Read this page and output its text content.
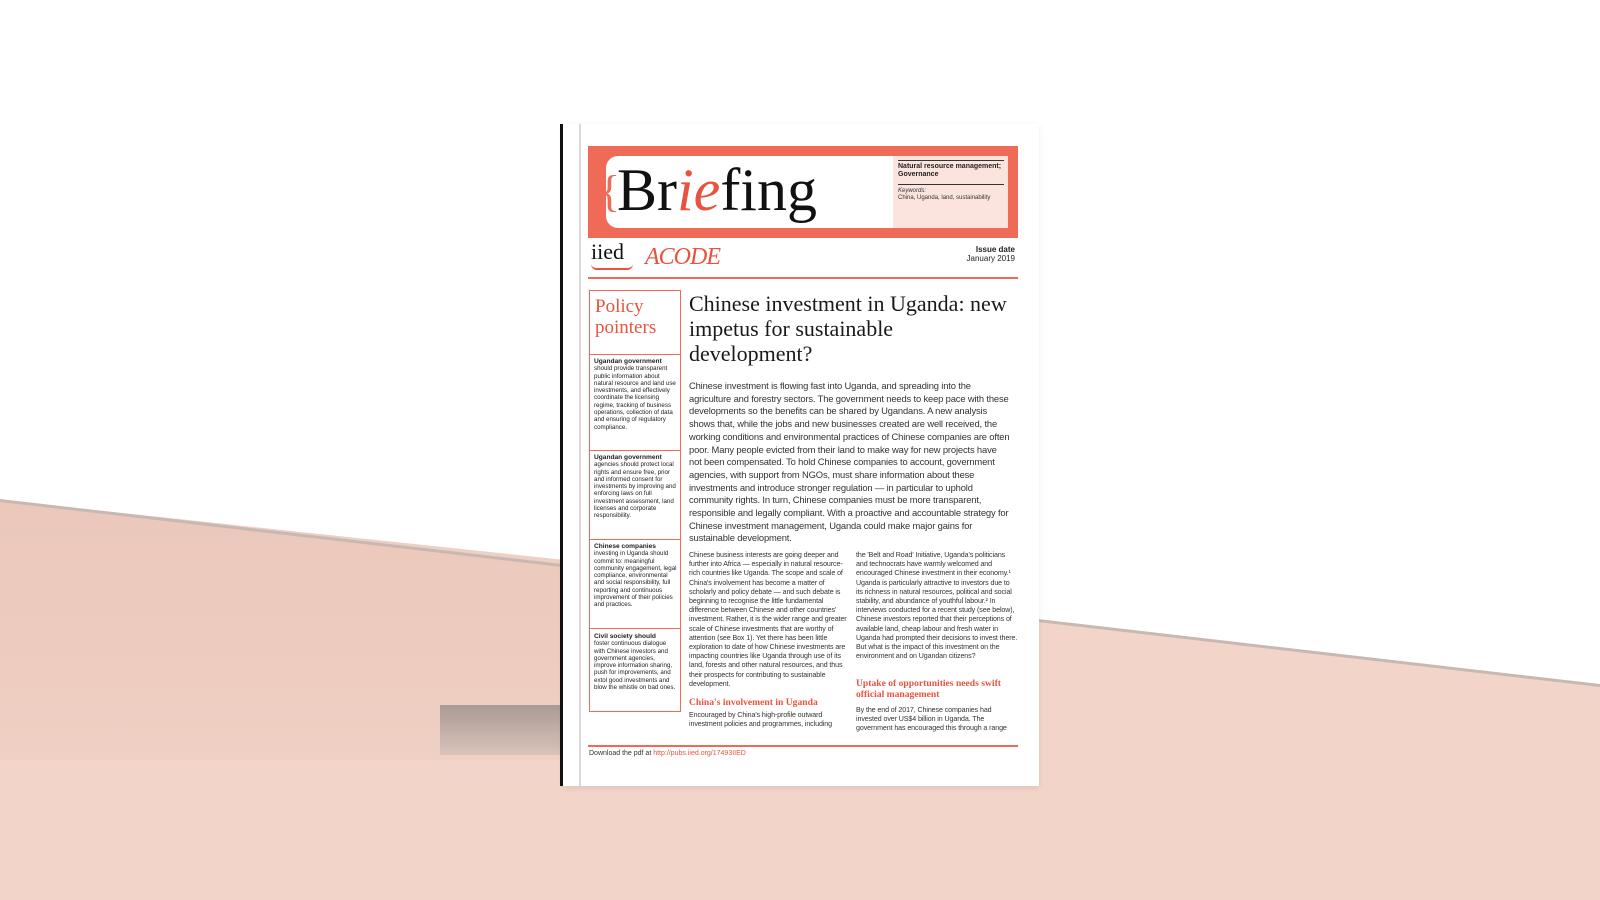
{
Briefing	Natural resource management; Governance
Keywords:
China, Uganda, land, sustainability
iied ACODE	Issue date
January 2019
Policy pointers
Ugandan government
should provide transparent public information about natural resource and land use investments, and effectively coordinate the licensing regime, tracking of business operations, collection of data and ensuring of regulatory compliance.
Ugandan government
agencies should protect local rights and ensure free, prior and informed consent for investments by improving and enforcing laws on full investment assessment, land licenses and corporate responsibility.
Chinese companies
investing in Uganda should commit to: meaningful community engagement, legal compliance, environmental and social responsibility, full reporting and continuous improvement of their policies and practices.
Civil society should
foster continuous dialogue with Chinese investors and government agencies, improve information sharing, push for improvements, and extol good investments and blow the whistle on bad ones.
Chinese investment in Uganda: new impetus for sustainable development?
Chinese investment is flowing fast into Uganda, and spreading into the agriculture and forestry sectors. The government needs to keep pace with these developments so the benefits can be shared by Ugandans. A new analysis shows that, while the jobs and new businesses created are well received, the working conditions and environmental practices of Chinese companies are often poor. Many people evicted from their land to make way for new projects have not been compensated. To hold Chinese companies to account, government agencies, with support from NGOs, must share information about these investments and introduce stronger regulation — in particular to uphold community rights. In turn, Chinese companies must be more transparent, responsible and legally compliant. With a proactive and accountable strategy for Chinese investment management, Uganda could make major gains for sustainable development.
Chinese business interests are going deeper and further into Africa — especially in natural resource-rich countries like Uganda. The scope and scale of China's involvement has become a matter of scholarly and policy debate — and such debate is beginning to recognise the little fundamental difference between Chinese and other countries' investment. Rather, it is the wider range and greater scale of Chinese investments that are worthy of attention (see Box 1). Yet there has been little exploration to date of how Chinese investments are impacting countries like Uganda through use of its land, forests and other natural resources, and thus their prospects for contributing to sustainable development.
China's involvement in Uganda
Encouraged by China's high-profile outward investment policies and programmes, including
the 'Belt and Road' Initiative, Uganda's politicians and technocrats have warmly welcomed and encouraged Chinese investment in their economy.¹ Uganda is particularly attractive to investors due to its richness in natural resources, political and social stability, and abundance of youthful labour.² In interviews conducted for a recent study (see below), Chinese investors reported that their perceptions of available land, cheap labour and fresh water in Uganda had prompted their decisions to invest there. But what is the impact of this investment on the environment and on Ugandan citizens?
Uptake of opportunities needs swift official management
By the end of 2017, Chinese companies had invested over US$4 billion in Uganda. The government has encouraged this through a range
Download the pdf at http://pubs.iied.org/17493IIED
